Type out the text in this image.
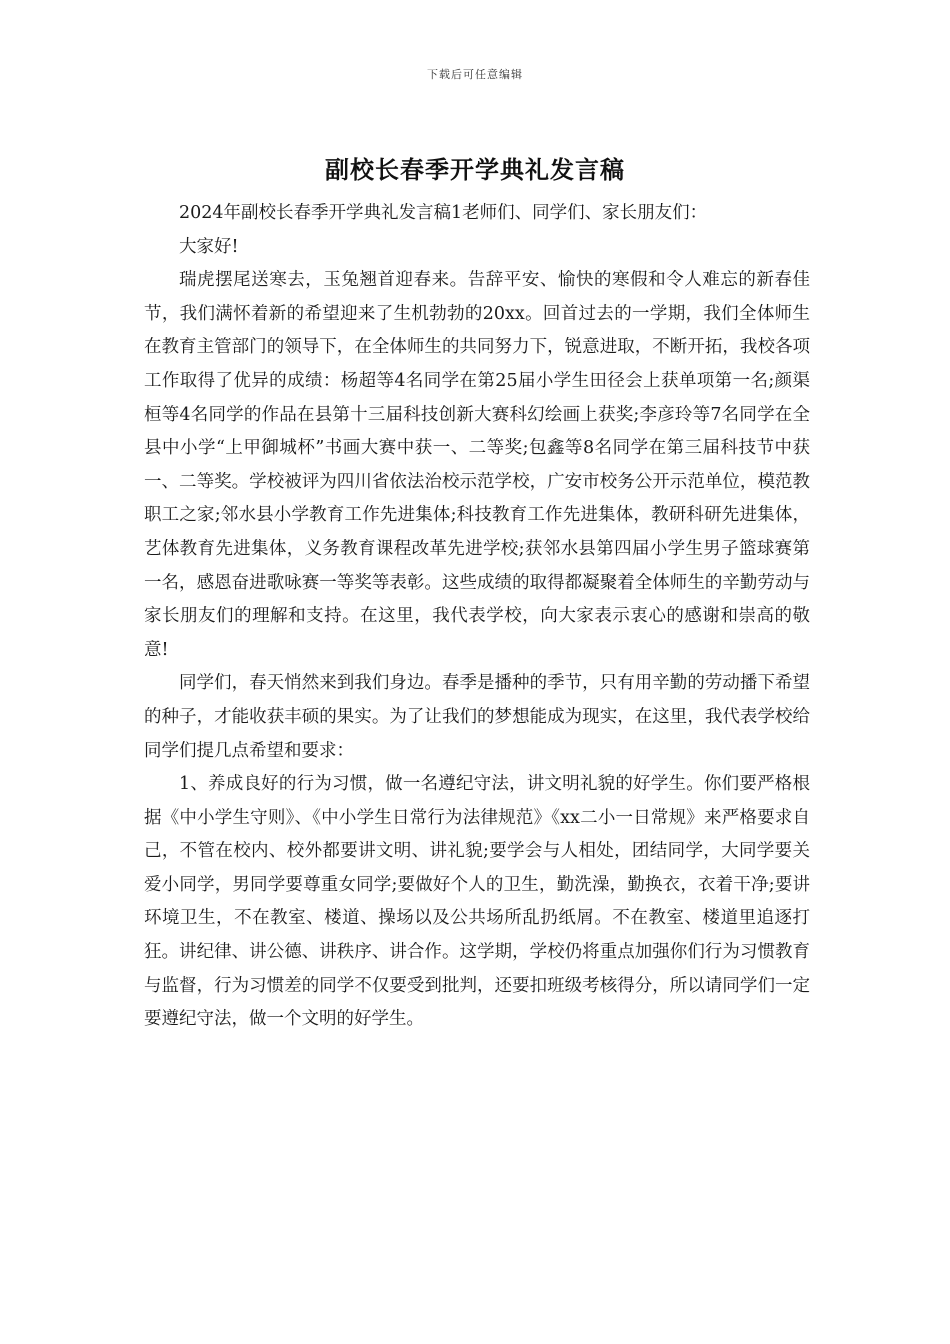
下载后可任意编辑
副校长春季开学典礼发言稿

2024年副校长春季开学典礼发言稿1老师们、同学们、家长朋友们：

大家好!

瑞虎摆尾送寒去，玉兔翘首迎春来。告辞平安、愉快的寒假和令人难忘的新春佳节，我们满怀着新的希望迎来了生机勃勃的20xx。回首过去的一学期，我们全体师生在教育主管部门的领导下，在全体师生的共同努力下，锐意进取，不断开拓，我校各项工作取得了优异的成绩：杨超等4名同学在第25届小学生田径会上获单项第一名;颜渠桓等4名同学的作品在县第十三届科技创新大赛科幻绘画上获奖;李彦玲等7名同学在全县中小学“上甲御城杯”书画大赛中获一、二等奖;包鑫等8名同学在第三届科技节中获一、二等奖。学校被评为四川省依法治校示范学校，广安市校务公开示范单位，模范教职工之家;邻水县小学教育工作先进集体;科技教育工作先进集体，教研科研先进集体，艺体教育先进集体，义务教育课程改革先进学校;获邻水县第四届小学生男子篮球赛第一名，感恩奋进歌咏赛一等奖等表彰。这些成绩的取得都凝聚着全体师生的辛勤劳动与家长朋友们的理解和支持。在这里，我代表学校，向大家表示衷心的感谢和崇高的敬意!

同学们，春天悄然来到我们身边。春季是播种的季节，只有用辛勤的劳动播下希望的种子，才能收获丰硕的果实。为了让我们的梦想能成为现实，在这里，我代表学校给同学们提几点希望和要求：

1、养成良好的行为习惯，做一名遵纪守法，讲文明礼貌的好学生。你们要严格根据《中小学生守则》、《中小学生日常行为法律规范》《xx二小一日常规》来严格要求自己，不管在校内、校外都要讲文明、讲礼貌;要学会与人相处，团结同学，大同学要关爱小同学，男同学要尊重女同学;要做好个人的卫生，勤洗澡，勤换衣，衣着干净;要讲环境卫生，不在教室、楼道、操场以及公共场所乱扔纸屑。不在教室、楼道里追逐打狂。讲纪律、讲公德、讲秩序、讲合作。这学期，学校仍将重点加强你们行为习惯教育与监督，行为习惯差的同学不仅要受到批判，还要扣班级考核得分，所以请同学们一定要遵纪守法，做一个文明的好学生。
